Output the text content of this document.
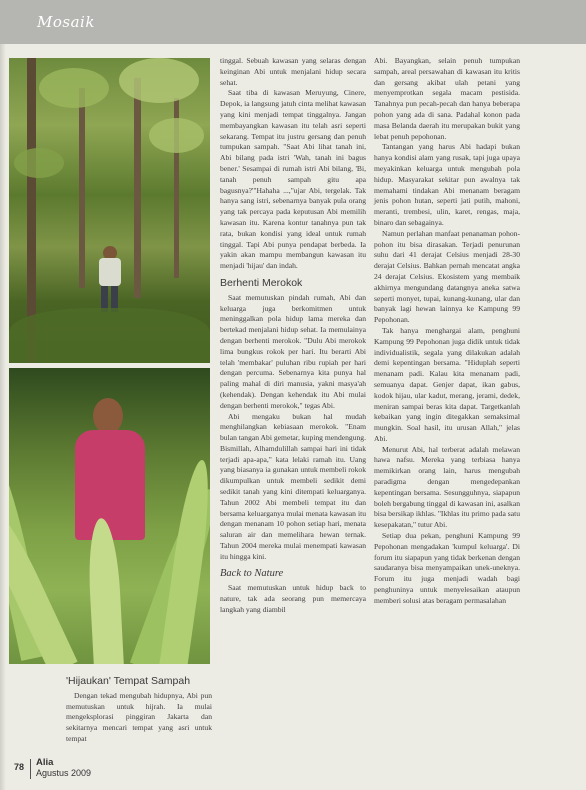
Mosaik
'Hijaukan' Tempat Sampah

Dengan tekad mengubah hidupnya, Abi pun memutuskan untuk hijrah. Ia mulai mengeksplorasi pinggiran Jakarta dan sekitarnya mencari tempat yang asri untuk tempat

tinggal. Sebuah kawasan yang selaras dengan keinginan Abi untuk menjalani hidup secara sehat.

Saat tiba di kawasan Meruyung, Cinere, Depok, ia langsung jatuh cinta melihat kawasan yang kini menjadi tempat tinggalnya. Jangan membayangkan kawasan itu telah asri seperti sekarang. Tempat itu justru gersang dan penuh tumpukan sampah. "Saat Abi lihat tanah ini, Abi bilang pada istri 'Wah, tanah ini bagus bener.' Sesampai di rumah istri Abi bilang, 'Bi, tanah penuh sampah gitu apa bagusnya?'"Hahaha ...,"ujar Abi, tergelak. Tak hanya sang istri, sebenarnya banyak pula orang yang tak percaya pada keputusan Abi memilih kawasan itu. Karena kontur tanahnya pun tak rata, bukan kondisi yang ideal untuk rumah tinggal. Tapi Abi punya pendapat berbeda. Ia yakin akan mampu membangun kawasan itu menjadi 'hijau' dan indah.

Berhenti Merokok

Saat memutuskan pindah rumah, Abi dan keluarga juga berkomitmen untuk meninggalkan pola hidup lama mereka dan bertekad menjalani hidup sehat. Ia memulainya dengan berhenti merokok. "Dulu Abi merokok lima bungkus rokok per hari. Itu berarti Abi telah 'membakar' puluhan ribu rupiah per hari dengan percuma. Sebenarnya kita punya hal paling mahal di diri manusia, yakni masya'ah (kehendak). Dengan kehendak itu Abi mulai dengan berhenti merokok," tegas Abi.

Abi mengaku bukan hal mudah menghilangkan kebiasaan merokok. "Enam bulan tangan Abi gemetar, kuping mendengung. Bismillah, Alhamdulillah sampai hari ini tidak terjadi apa-apa," kata lelaki ramah itu. Uang yang biasanya ia gunakan untuk membeli rokok dikumpulkan untuk membeli sedikit demi sedikit tanah yang kini ditempati keluarganya. Tahun 2002 Abi membeli tempat itu dan bersama keluarganya mulai menata kawasan itu dengan menanam 10 pohon setiap hari, menata saluran air dan memelihara hewan ternak. Tahun 2004 mereka mulai menempati kawasan itu hingga kini.

Back to Nature

Saat memutuskan untuk hidup back to nature, tak ada seorang pun memercaya langkah yang diambil

Abi. Bayangkan, selain penuh tumpukan sampah, areal persawahan di kawasan itu kritis dan gersang akibat ulah petani yang menyemprotkan segala macam pestisida. Tanahnya pun pecah-pecah dan hanya beberapa pohon yang ada di sana. Padahal konon pada masa Belanda daerah itu merupakan bukit yang lebat penuh pepohonan.

Tantangan yang harus Abi hadapi bukan hanya kondisi alam yang rusak, tapi juga upaya meyakinkan keluarga untuk mengubah pola hidup. Masyarakat sekitar pun awalnya tak memahami tindakan Abi menanam beragam jenis pohon hutan, seperti jati putih, mahoni, meranti, trembesi, ulin, karet, rengas, maja, binaro dan sebagainya.

Namun perlahan manfaat penanaman pohon-pohon itu bisa dirasakan. Terjadi penurunan suhu dari 41 derajat Celsius menjadi 28-30 derajat Celsius. Bahkan pernah mencatat angka 24 derajat Celsius. Ekosistem yang membaik akhirnya mengundang datangnya aneka satwa seperti monyet, tupai, kunang-kunang, ular dan banyak lagi hewan lainnya ke Kampung 99 Pepohonan.

Tak hanya menghargai alam, penghuni Kampung 99 Pepohonan juga didik untuk tidak individualistik, segala yang dilakukan adalah demi kepentingan bersama. "Hiduplah seperti menanam padi. Kalau kita menanam padi, semuanya dapat. Genjer dapat, ikan gabus, kodok hijau, ular kadut, merang, jerami, dedek, meniran sampai beras kita dapat. Targetkanlah kebaikan yang ingin ditegakkan semaksimal mungkin. Soal hasil, itu urusan Allah," jelas Abi.

Menurut Abi, hal terberat adalah melawan hawa nafsu. Mereka yang terbiasa hanya memikirkan orang lain, harus mengubah paradigma dengan mengedepankan kepentingan bersama. Sesungguhnya, siapapun boleh bergabung tinggal di kawasan ini, asalkan bisa bersikap ikhlas. "Ikhlas itu primo pada satu kesepakatan," tutur Abi.

Setiap dua pekan, penghuni Kampung 99 Pepohonan mengadakan 'kumpul keluarga'. Di forum itu siapapun yang tidak berkenan dengan saudaranya bisa menyampaikan unek-uneknya. Forum itu juga menjadi wadah bagi penghuninya untuk menyelesaikan ataupun memberi solusi atas beragam permasalahan

78 Alia
Agustus 2009
